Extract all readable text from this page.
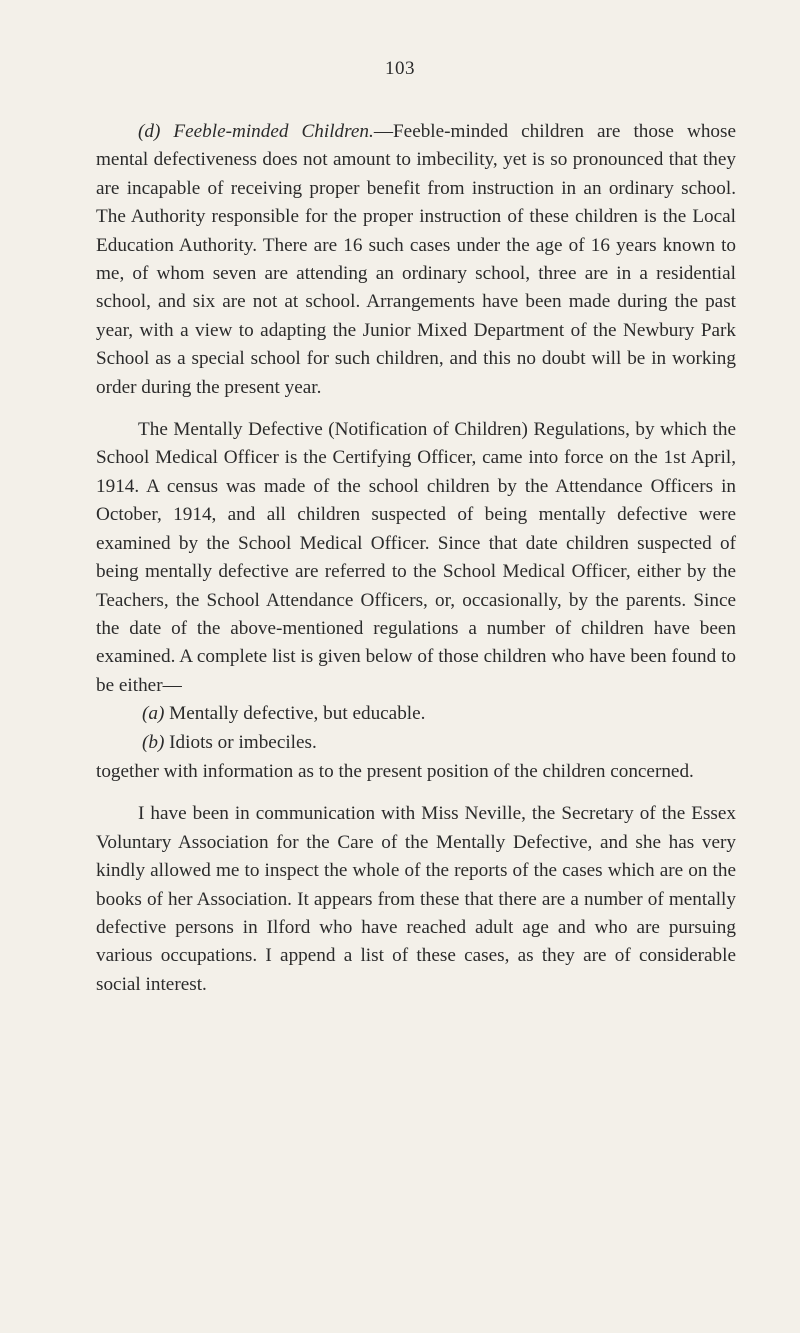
103

(d) Feeble-minded Children.—Feeble-minded children are those whose mental defectiveness does not amount to imbecility, yet is so pronounced that they are incapable of receiving proper benefit from instruction in an ordinary school. The Authority responsible for the proper instruction of these children is the Local Education Authority. There are 16 such cases under the age of 16 years known to me, of whom seven are attending an ordinary school, three are in a residential school, and six are not at school. Arrangements have been made during the past year, with a view to adapting the Junior Mixed Department of the Newbury Park School as a special school for such children, and this no doubt will be in working order during the present year.

The Mentally Defective (Notification of Children) Regulations, by which the School Medical Officer is the Certifying Officer, came into force on the 1st April, 1914. A census was made of the school children by the Attendance Officers in October, 1914, and all children suspected of being mentally defective were examined by the School Medical Officer. Since that date children suspected of being mentally defective are referred to the School Medical Officer, either by the Teachers, the School Attendance Officers, or, occasionally, by the parents. Since the date of the above-mentioned regulations a number of children have been examined. A complete list is given below of those children who have been found to be either—

(a) Mentally defective, but educable.

(b) Idiots or imbeciles.

together with information as to the present position of the children concerned.

I have been in communication with Miss Neville, the Secretary of the Essex Voluntary Association for the Care of the Mentally Defective, and she has very kindly allowed me to inspect the whole of the reports of the cases which are on the books of her Association. It appears from these that there are a number of mentally defective persons in Ilford who have reached adult age and who are pursuing various occupations. I append a list of these cases, as they are of considerable social interest.
